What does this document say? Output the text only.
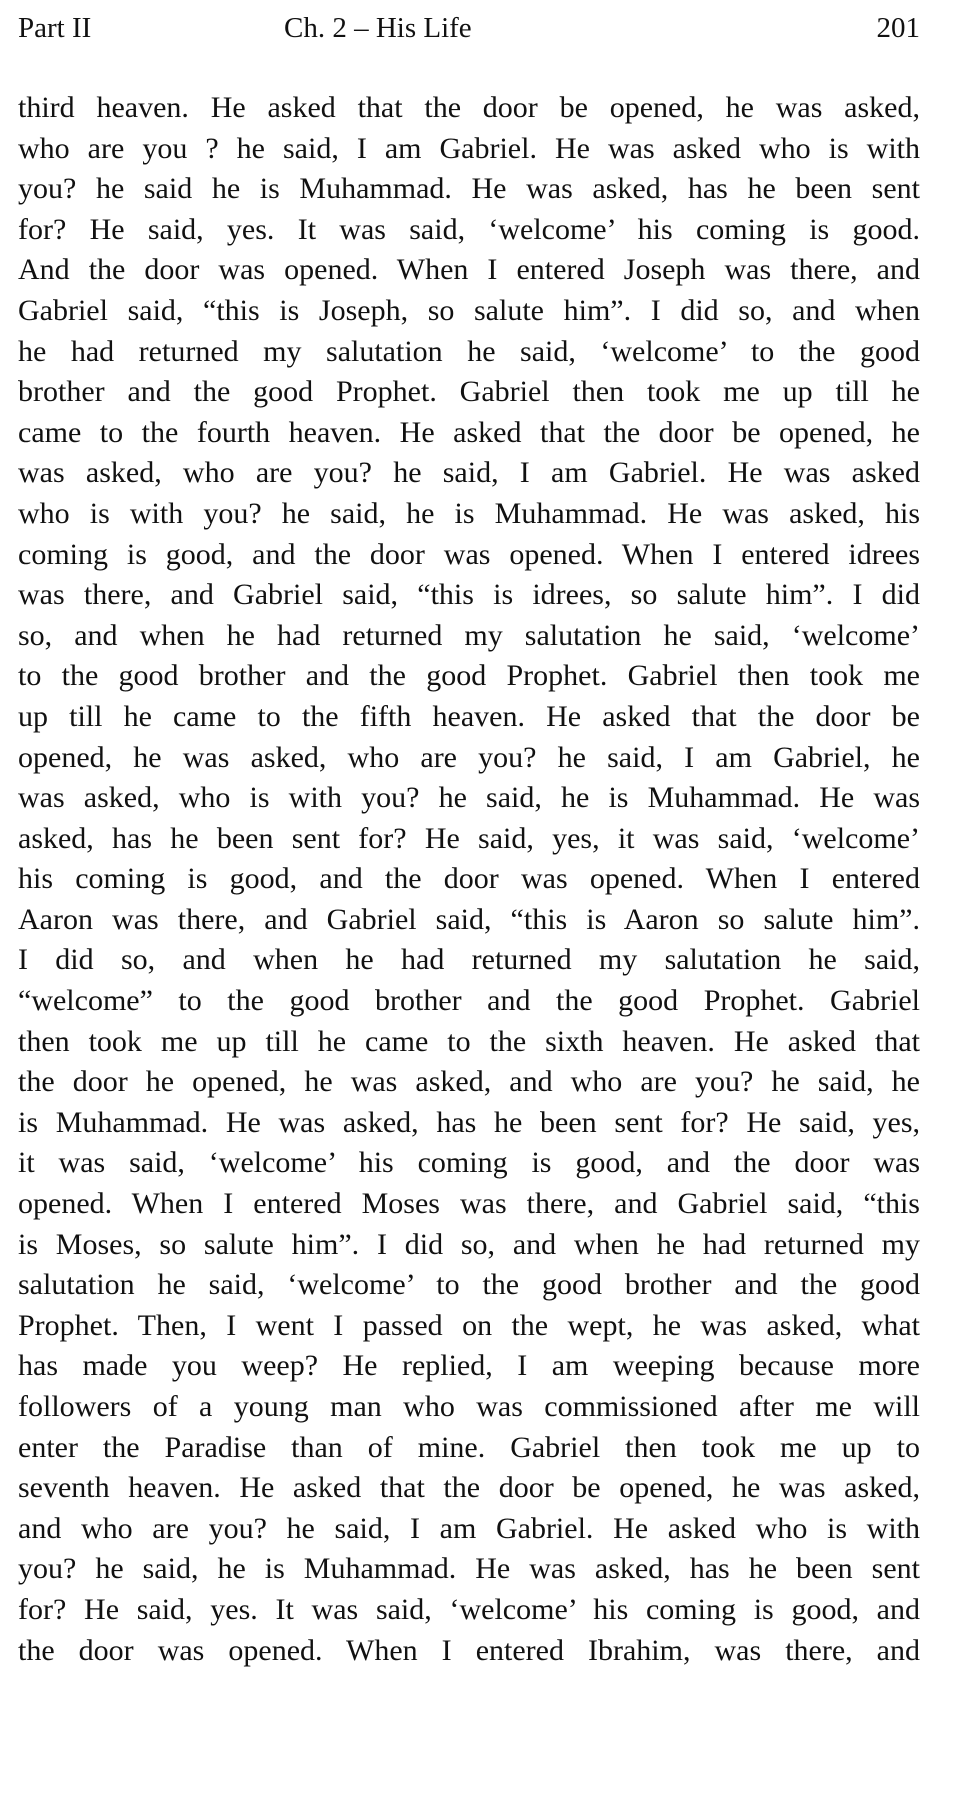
Part II	Ch. 2 – His Life	201
third heaven. He asked that the door be opened, he was asked,
who are you ? he said, I am Gabriel. He was asked who is with
you? he said he is Muhammad. He was asked, has he been sent
for? He said, yes. It was said, ‘welcome’ his coming is good.
And the door was opened. When I entered Joseph was there, and
Gabriel said, “this is Joseph, so salute him”. I did so, and when
he had returned my salutation he said, ‘welcome’ to the good
brother and the good Prophet. Gabriel then took me up till he
came to the fourth heaven. He asked that the door be opened, he
was asked, who are you? he said, I am Gabriel. He was asked
who is with you? he said, he is Muhammad. He was asked, his
coming is good, and the door was opened. When I entered idrees
was there, and Gabriel said, “this is idrees, so salute him”. I did
so, and when he had returned my salutation he said, ‘welcome’
to the good brother and the good Prophet. Gabriel then took me
up till he came to the fifth heaven. He asked that the door be
opened, he was asked, who are you? he said, I am Gabriel, he
was asked, who is with you? he said, he is Muhammad. He was
asked, has he been sent for? He said, yes, it was said, ‘welcome’
his coming is good, and the door was opened. When I entered
Aaron was there, and Gabriel said, “this is Aaron so salute him”.
I did so, and when he had returned my salutation he said,
“welcome” to the good brother and the good Prophet. Gabriel
then took me up till he came to the sixth heaven. He asked that
the door he opened, he was asked, and who are you? he said, he
is Muhammad. He was asked, has he been sent for? He said, yes,
it was said, ‘welcome’ his coming is good, and the door was
opened. When I entered Moses was there, and Gabriel said, “this
is Moses, so salute him”. I did so, and when he had returned my
salutation he said, ‘welcome’ to the good brother and the good
Prophet. Then, I went I passed on the wept, he was asked, what
has made you weep? He replied, I am weeping because more
followers of a young man who was commissioned after me will
enter the Paradise than of mine. Gabriel then took me up to
seventh heaven. He asked that the door be opened, he was asked,
and who are you? he said, I am Gabriel. He asked who is with
you? he said, he is Muhammad. He was asked, has he been sent
for? He said, yes. It was said, ‘welcome’ his coming is good, and
the door was opened. When I entered Ibrahim, was there, and
